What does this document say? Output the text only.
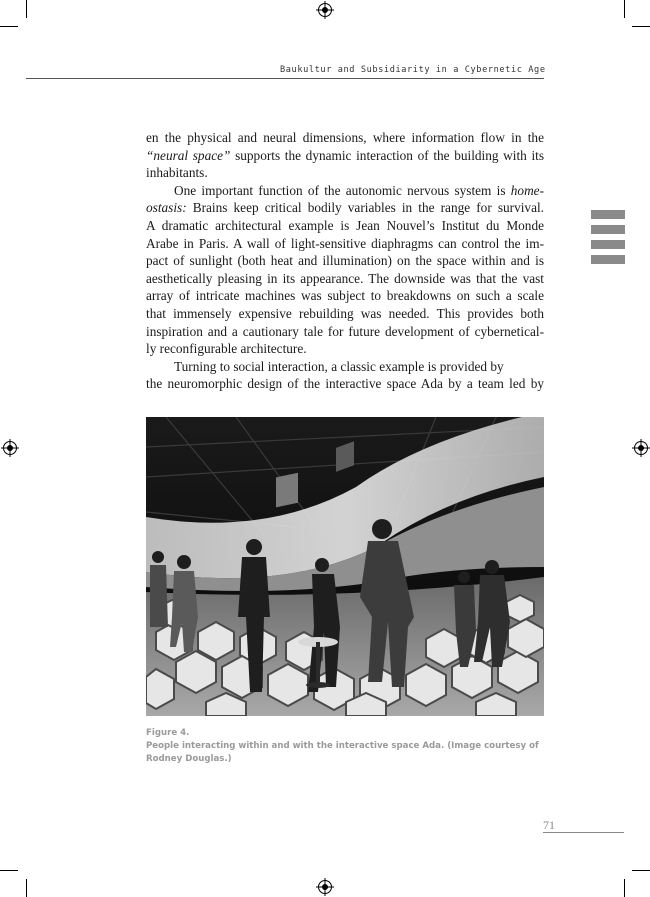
Baukultur and Subsidiarity in a Cybernetic Age

en the physical and neural dimensions, where information flow in the
“neural space” supports the dynamic interaction of the building with its
inhabitants.

One important function of the autonomic nervous system is home-
ostasis: Brains keep critical bodily variables in the range for survival.
A dramatic architectural example is Jean Nouvel’s Institut du Monde
Arabe in Paris. A wall of light-sensitive diaphragms can control the im-
pact of sunlight (both heat and illumination) on the space within and is
aesthetically pleasing in its appearance. The downside was that the vast
array of intricate machines was subject to breakdowns on such a scale
that immensely expensive rebuilding was needed. This provides both
inspiration and a cautionary tale for future development of cybernetical-
ly reconfigurable architecture.

Turning to social interaction, a classic example is provided by
the neuromorphic design of the interactive space Ada by a team led by

Figure 4.
People interacting within and with the interactive space Ada. (Image courtesy of Rodney Douglas.)
71
